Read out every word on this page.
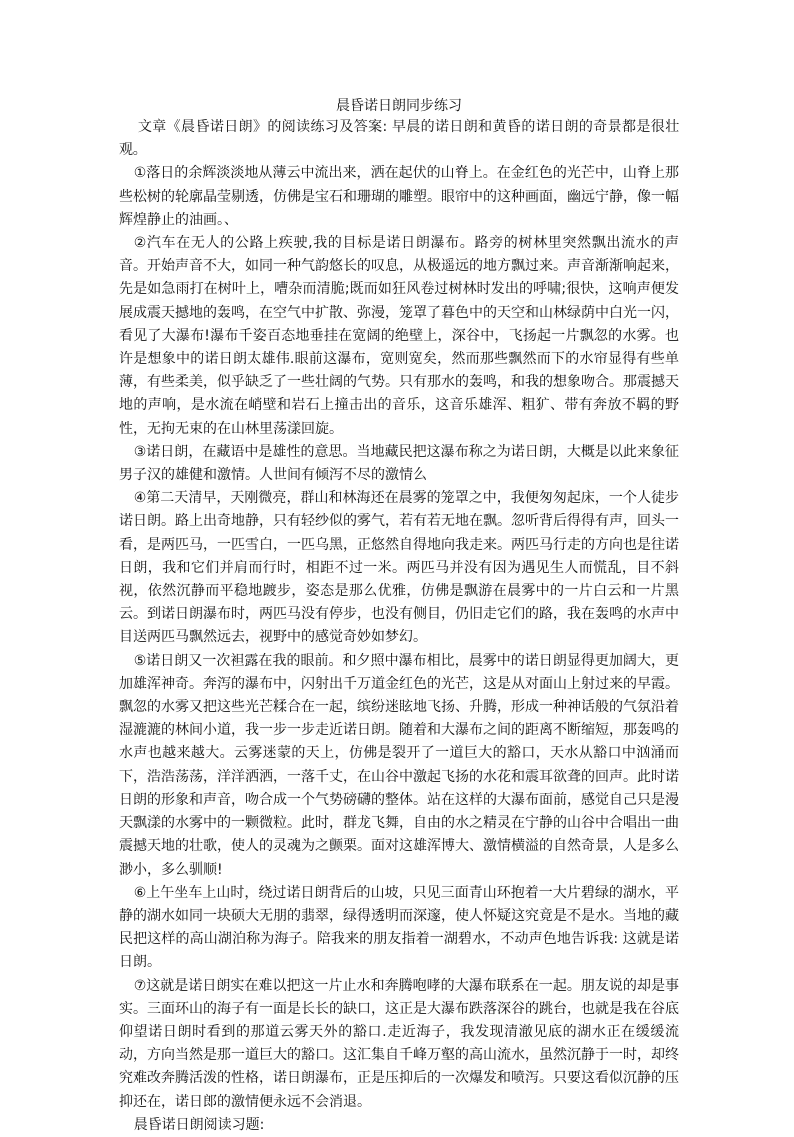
晨昏诺日朗同步练习

文章《晨昏诺日朗》的阅读练习及答案: 早晨的诺日朗和黄昏的诺日朗的奇景都是很壮观。

①落日的余辉淡淡地从薄云中流出来，洒在起伏的山脊上。在金红色的光芒中，山脊上那些松树的轮廓晶莹剔透，仿佛是宝石和珊瑚的雕塑。眼帘中的这种画面，幽远宁静，像一幅辉煌静止的油画。、

②汽车在无人的公路上疾驶,我的目标是诺日朗瀑布。路旁的树林里突然飘出流水的声音。开始声音不大，如同一种气韵悠长的叹息，从极遥远的地方飘过来。声音渐渐响起来，先是如急雨打在树叶上，嘈杂而清脆;既而如狂风卷过树林时发出的呼啸;很快，这响声便发展成震天撼地的轰鸣，在空气中扩散、弥漫，笼罩了暮色中的天空和山林绿荫中白光一闪，看见了大瀑布!瀑布千姿百态地垂挂在宽阔的绝壁上，深谷中，飞扬起一片飘忽的水雾。也许是想象中的诺日朗太雄伟.眼前这瀑布，宽则宽矣，然而那些飘然而下的水帘显得有些单薄，有些柔美，似乎缺乏了一些壮阔的气势。只有那水的轰鸣，和我的想象吻合。那震撼天地的声响，是水流在峭壁和岩石上撞击出的音乐，这音乐雄浑、粗犷、带有奔放不羁的野性，无拘无束的在山林里荡漾回旋。

③诺日朗，在藏语中是雄性的意思。当地藏民把这瀑布称之为诺日朗，大概是以此来象征男子汉的雄健和激情。人世间有倾泻不尽的激情么

④第二天清早，天刚微亮，群山和林海还在晨雾的笼罩之中，我便匆匆起床，一个人徒步诺日朗。路上出奇地静，只有轻纱似的雾气，若有若无地在飘。忽听背后得得有声，回头一看，是两匹马，一匹雪白，一匹乌黑，正悠然自得地向我走来。两匹马行走的方向也是往诺日朗，我和它们并肩而行时，相距不过一米。两匹马并没有因为遇见生人而慌乱，目不斜视，依然沉静而平稳地踱步，姿态是那么优雅，仿佛是飘游在晨雾中的一片白云和一片黑云。到诺日朗瀑布时，两匹马没有停步，也没有侧目，仍旧走它们的路，我在轰鸣的水声中目送两匹马飘然远去，视野中的感觉奇妙如梦幻。

⑤诺日朗又一次袒露在我的眼前。和夕照中瀑布相比，晨雾中的诺日朗显得更加阔大，更加雄浑神奇。奔泻的瀑布中，闪射出千万道金红色的光芒，这是从对面山上射过来的早霞。飘忽的水雾又把这些光芒糅合在一起，缤纷迷眩地飞扬、升腾，形成一种神话般的气氛沿着湿漉漉的林间小道，我一步一步走近诺日朗。随着和大瀑布之间的距离不断缩短，那轰鸣的水声也越来越大。云雾迷蒙的天上，仿佛是裂开了一道巨大的豁口，天水从豁口中汹涌而下，浩浩荡荡，洋洋洒洒，一落千丈，在山谷中激起飞扬的水花和震耳欲聋的回声。此时诺日朗的形象和声音，吻合成一个气势磅礴的整体。站在这样的大瀑布面前，感觉自己只是漫天飘漾的水雾中的一颗微粒。此时，群龙飞舞，自由的水之精灵在宁静的山谷中合唱出一曲震撼天地的壮歌，使人的灵魂为之颤栗。面对这雄浑博大、激情横溢的自然奇景，人是多么渺小，多么驯顺!

⑥上午坐车上山时，绕过诺日朗背后的山坡，只见三面青山环抱着一大片碧绿的湖水，平静的湖水如同一块硕大无朋的翡翠，绿得透明而深邃，使人怀疑这究竟是不是水。当地的藏民把这样的高山湖泊称为海子。陪我来的朋友指着一湖碧水，不动声色地告诉我: 这就是诺日朗。

⑦这就是诺日朗实在难以把这一片止水和奔腾咆哮的大瀑布联系在一起。朋友说的却是事实。三面环山的海子有一面是长长的缺口，这正是大瀑布跌落深谷的跳台，也就是我在谷底仰望诺日朗时看到的那道云雾天外的豁口.走近海子，我发现清澈见底的湖水正在缓缓流动，方向当然是那一道巨大的豁口。这汇集自千峰万壑的高山流水，虽然沉静于一时，却终究难改奔腾活泼的性格，诺日朗瀑布，正是压抑后的一次爆发和喷泻。只要这看似沉静的压抑还在，诺日郎的激情便永远不会消退。

晨昏诺日朗阅读习题:
